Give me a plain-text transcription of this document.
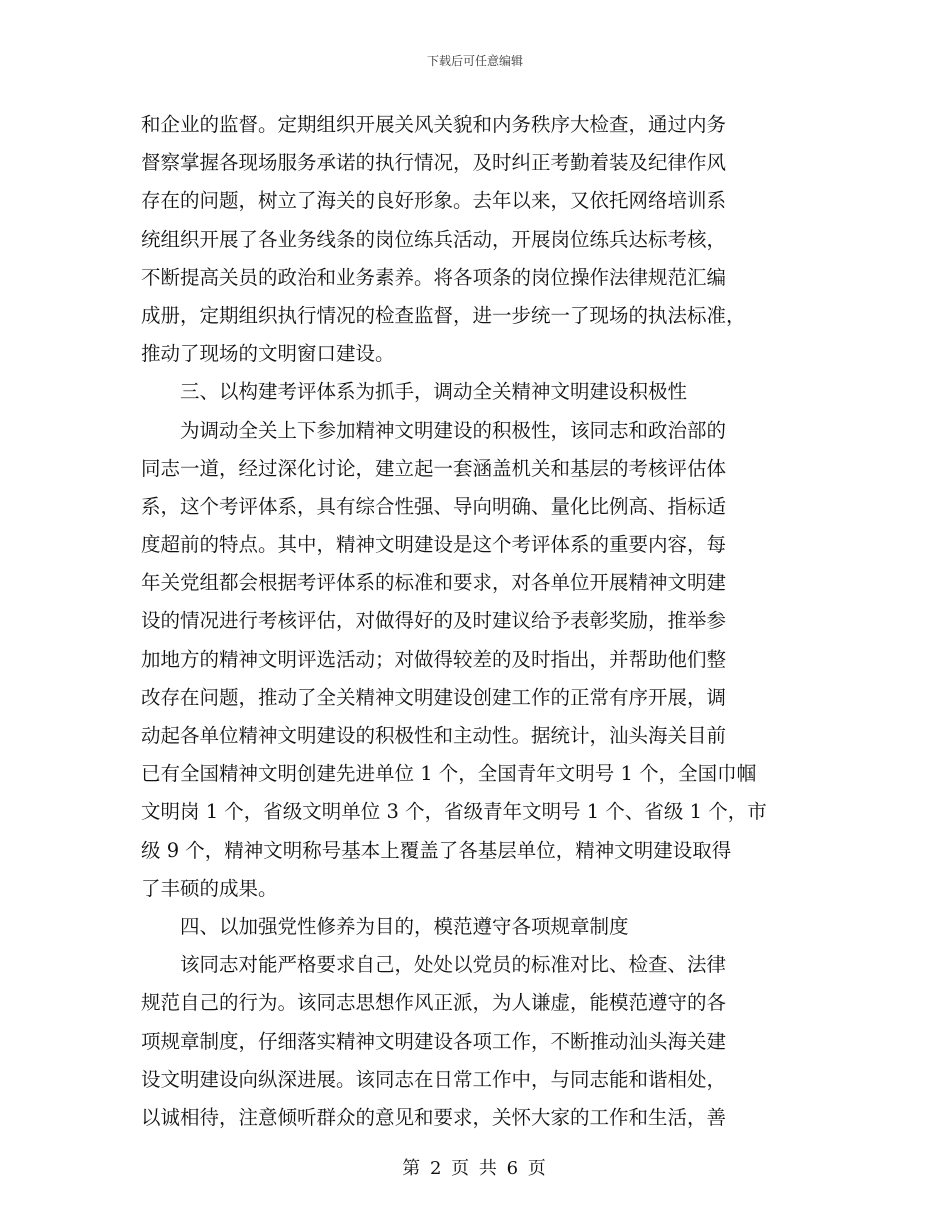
下载后可任意编辑
和企业的监督。定期组织开展关风关貌和内务秩序大检查，通过内务
督察掌握各现场服务承诺的执行情况，及时纠正考勤着装及纪律作风
存在的问题，树立了海关的良好形象。去年以来，又依托网络培训系
统组织开展了各业务线条的岗位练兵活动，开展岗位练兵达标考核，
不断提高关员的政治和业务素养。将各项条的岗位操作法律规范汇编
成册，定期组织执行情况的检查监督，进一步统一了现场的执法标准，
推动了现场的文明窗口建设。
　　三、以构建考评体系为抓手，调动全关精神文明建设积极性
　　为调动全关上下参加精神文明建设的积极性，该同志和政治部的
同志一道，经过深化讨论，建立起一套涵盖机关和基层的考核评估体
系，这个考评体系，具有综合性强、导向明确、量化比例高、指标适
度超前的特点。其中，精神文明建设是这个考评体系的重要内容，每
年关党组都会根据考评体系的标准和要求，对各单位开展精神文明建
设的情况进行考核评估，对做得好的及时建议给予表彰奖励，推举参
加地方的精神文明评选活动；对做得较差的及时指出，并帮助他们整
改存在问题，推动了全关精神文明建设创建工作的正常有序开展，调
动起各单位精神文明建设的积极性和主动性。据统计，汕头海关目前
已有全国精神文明创建先进单位 1 个，全国青年文明号 1 个，全国巾帼
文明岗 1 个，省级文明单位 3 个，省级青年文明号 1 个、省级 1 个，市
级 9 个，精神文明称号基本上覆盖了各基层单位，精神文明建设取得
了丰硕的成果。
　　四、以加强党性修养为目的，模范遵守各项规章制度
　　该同志对能严格要求自己，处处以党员的标准对比、检查、法律
规范自己的行为。该同志思想作风正派，为人谦虚，能模范遵守的各
项规章制度，仔细落实精神文明建设各项工作，不断推动汕头海关建
设文明建设向纵深进展。该同志在日常工作中，与同志能和谐相处，
以诚相待，注意倾听群众的意见和要求，关怀大家的工作和生活，善
第 2 页 共 6 页
